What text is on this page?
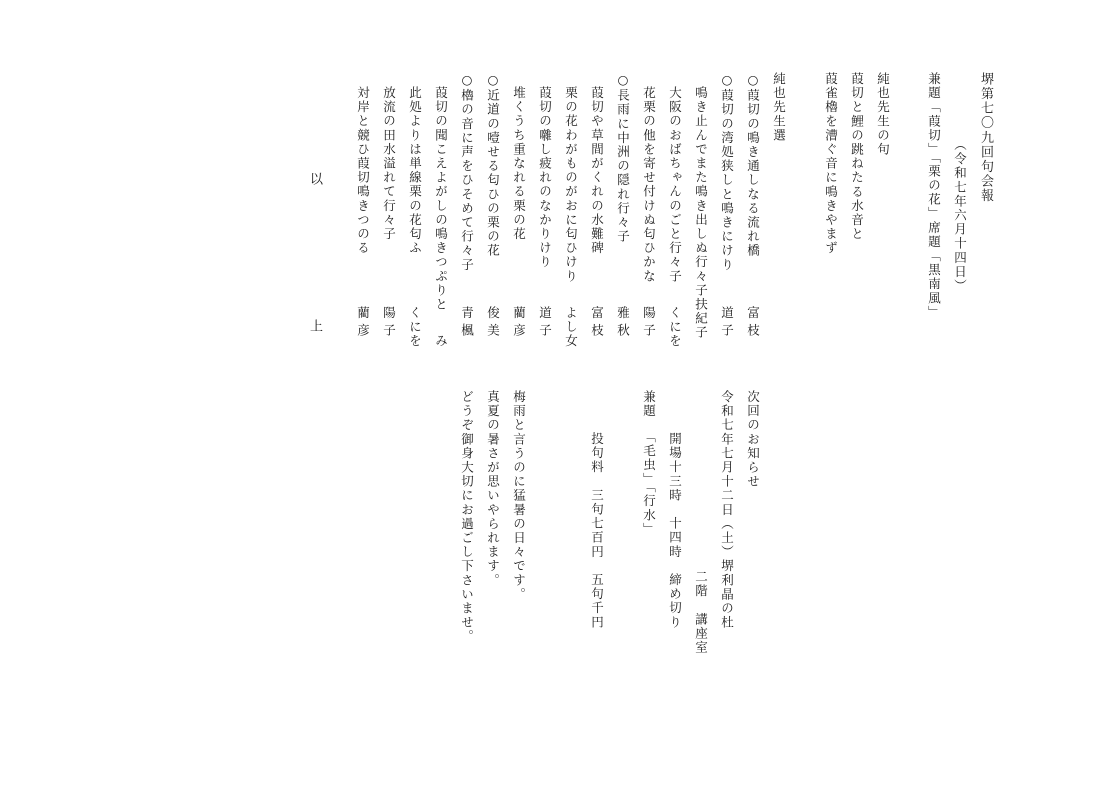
堺第七〇九回句会報
（令和七年六月十四日）
兼題「葭切」「栗の花」席題「黒南風」
純也先生の句
葭切と鯉の跳ねたる水音と
葭雀櫓を漕ぐ音に鳴きやまず
純也先生選
○葭切の鳴き通しなる流れ橋
富枝
○葭切の湾処狭しと鳴きにけり
道子
鳴き止んでまた鳴き出しぬ行々子扶紀子
大阪のおばちゃんのごと行々子
くにを
花栗の他を寄せ付けぬ匂ひかな
陽子
○長雨に中洲の隠れ行々子
雅秋
葭切や草間がくれの水難碑
富枝
栗の花わがものがおに匂ひけり
よし女
葭切の囃し疲れのなかりけり
道子
堆くうち重なれる栗の花
藺彦
○近道の噎せる匂ひの栗の花
俊美
○櫓の音に声をひそめて行々子
青楓
葭切の聞こえよがしの鳴きつぷりと
み
此処よりは単線栗の花匂ふ
くにを
放流の田水溢れて行々子
陽子
対岸と競ひ葭切鳴きつのる
藺彦
以上	次回のお知らせ
令和七年七月十二日（土）堺利晶の杜
二階　講座室
開場十三時　十四時　締め切り
兼題
「毛虫」「行水」
投句料　三句七百円　五句千円
梅雨と言うのに猛暑の日々です。
真夏の暑さが思いやられます。
どうぞ御身大切にお過ごし下さいませ。
